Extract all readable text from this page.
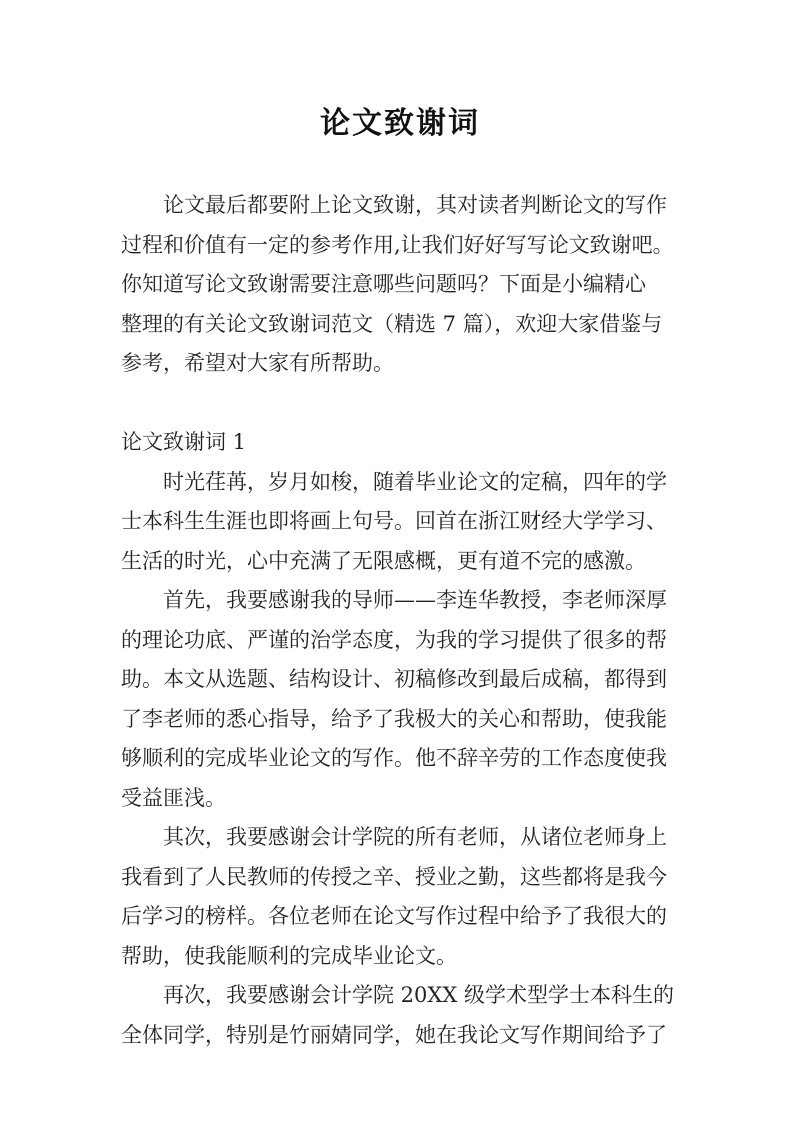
论文致谢词

论文最后都要附上论文致谢，其对读者判断论文的写作
过程和价值有一定的参考作用,让我们好好写写论文致谢吧。
你知道写论文致谢需要注意哪些问题吗？下面是小编精心
整理的有关论文致谢词范文（精选 7 篇），欢迎大家借鉴与
参考，希望对大家有所帮助。

论文致谢词 1

时光荏苒，岁月如梭，随着毕业论文的定稿，四年的学
士本科生生涯也即将画上句号。回首在浙江财经大学学习、
生活的时光，心中充满了无限感概，更有道不完的感激。

首先，我要感谢我的导师——李连华教授，李老师深厚
的理论功底、严谨的治学态度，为我的学习提供了很多的帮
助。本文从选题、结构设计、初稿修改到最后成稿，都得到
了李老师的悉心指导，给予了我极大的关心和帮助，使我能
够顺利的完成毕业论文的写作。他不辞辛劳的工作态度使我
受益匪浅。

其次，我要感谢会计学院的所有老师，从诸位老师身上
我看到了人民教师的传授之辛、授业之勤，这些都将是我今
后学习的榜样。各位老师在论文写作过程中给予了我很大的
帮助，使我能顺利的完成毕业论文。

再次，我要感谢会计学院 20XX 级学术型学士本科生的
全体同学，特别是竹丽婧同学，她在我论文写作期间给予了
